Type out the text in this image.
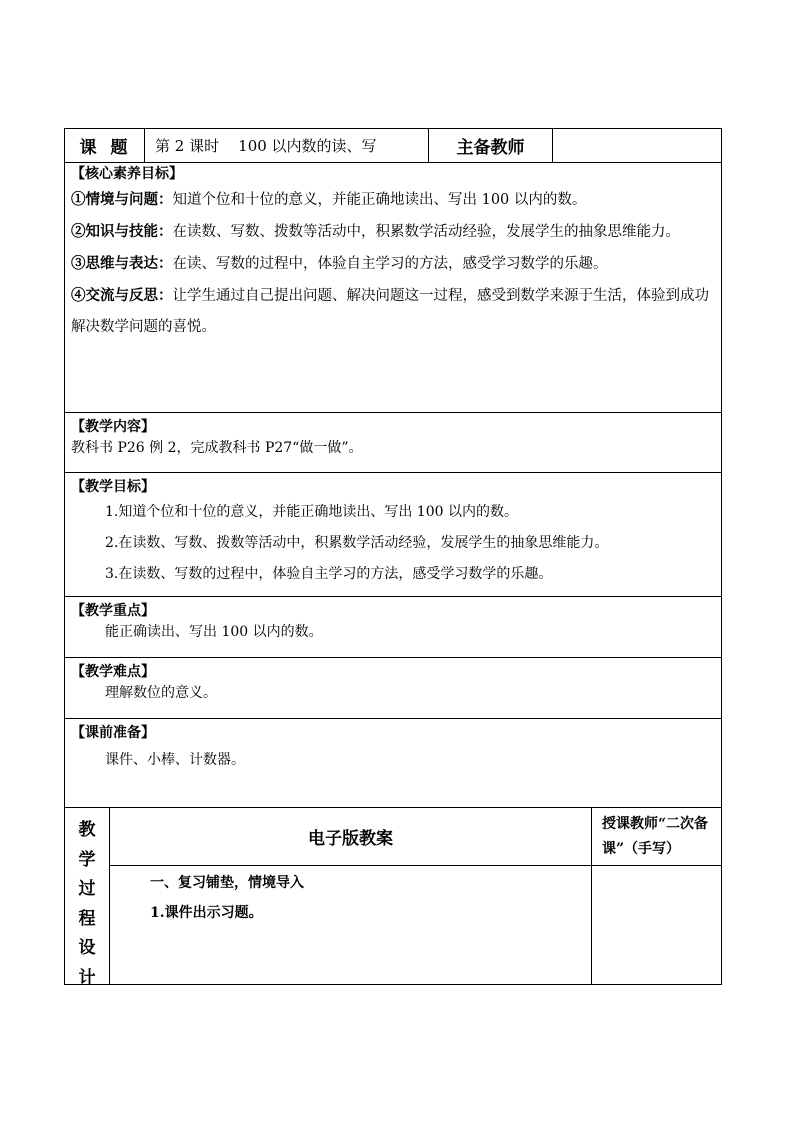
课题 第 2 课时    100 以内数的读、写	主备教师
【核心素养目标】
①情境与问题：知道个位和十位的意义，并能正确地读出、写出 100 以内的数。
②知识与技能：在读数、写数、拨数等活动中，积累数学活动经验，发展学生的抽象思维能力。
③思维与表达：在读、写数的过程中，体验自主学习的方法，感受学习数学的乐趣。
④交流与反思：让学生通过自己提出问题、解决问题这一过程，感受到数学来源于生活，体验到成功解决数学问题的喜悦。
【教学内容】
教科书 P26 例 2，完成教科书 P27“做一做”。
【教学目标】
1.知道个位和十位的意义，并能正确地读出、写出 100 以内的数。
2.在读数、写数、拨数等活动中，积累数学活动经验，发展学生的抽象思维能力。
3.在读数、写数的过程中，体验自主学习的方法，感受学习数学的乐趣。
【教学重点】
能正确读出、写出 100 以内的数。
【教学难点】
理解数位的意义。
【课前准备】
课件、小棒、计数器。
教
学
过
程
设
计
电子版教案
一、复习铺垫，情境导入
1.课件出示习题。
授课教师“二次备课”（手写）
